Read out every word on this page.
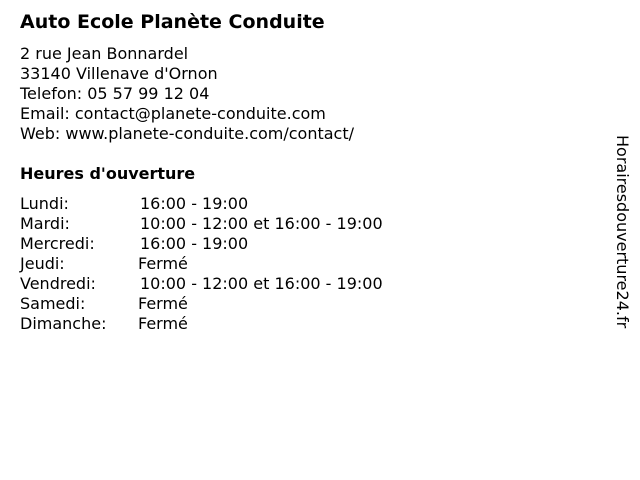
Auto Ecole Planète Conduite
2 rue Jean Bonnardel
33140 Villenave d'Ornon
Telefon: 05 57 99 12 04
Email: contact@planete-conduite.com
Web: www.planete-conduite.com/contact/
Heures d'ouverture
Lundi:	16:00 - 19:00
Mardi:	10:00 - 12:00 et 16:00 - 19:00
Mercredi:	16:00 - 19:00
Jeudi:	Fermé
Vendredi:	10:00 - 12:00 et 16:00 - 19:00
Samedi:	Fermé
Dimanche: Fermé	Horairesdouverture24.fr
